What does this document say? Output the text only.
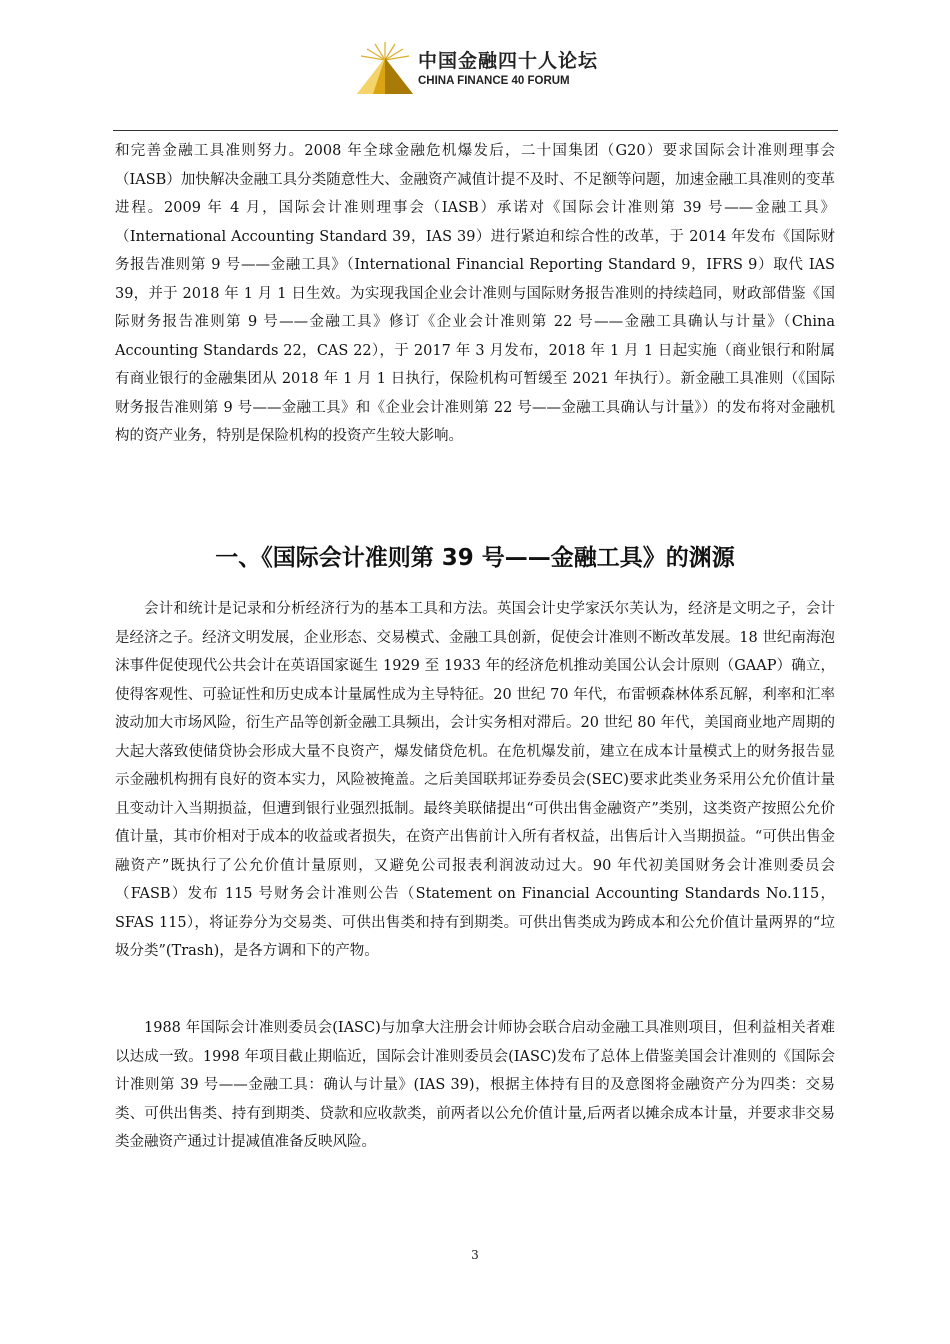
中国金融四十人论坛
CHINA FINANCE 40 FORUM
和完善金融工具准则努力。2008 年全球金融危机爆发后，二十国集团（G20）要求国际会计准则理事会（IASB）加快解决金融工具分类随意性大、金融资产减值计提不及时、不足额等问题，加速金融工具准则的变革进程。2009 年 4 月，国际会计准则理事会（IASB）承诺对《国际会计准则第 39 号——金融工具》（International Accounting Standard 39，IAS 39）进行紧迫和综合性的改革，于 2014 年发布《国际财务报告准则第 9 号——金融工具》（International Financial Reporting Standard 9，IFRS 9）取代 IAS 39，并于 2018 年 1 月 1 日生效。为实现我国企业会计准则与国际财务报告准则的持续趋同，财政部借鉴《国际财务报告准则第 9 号——金融工具》修订《企业会计准则第 22 号——金融工具确认与计量》（China Accounting Standards 22，CAS 22），于 2017 年 3 月发布，2018 年 1 月 1 日起实施（商业银行和附属有商业银行的金融集团从 2018 年 1 月 1 日执行，保险机构可暂缓至 2021 年执行）。新金融工具准则（《国际财务报告准则第 9 号——金融工具》和《企业会计准则第 22 号——金融工具确认与计量》）的发布将对金融机构的资产业务，特别是保险机构的投资产生较大影响。
一、《国际会计准则第 39 号——金融工具》的渊源
会计和统计是记录和分析经济行为的基本工具和方法。英国会计史学家沃尔芙认为，经济是文明之子，会计是经济之子。经济文明发展，企业形态、交易模式、金融工具创新，促使会计准则不断改革发展。18 世纪南海泡沫事件促使现代公共会计在英语国家诞生 1929 至 1933 年的经济危机推动美国公认会计原则（GAAP）确立，使得客观性、可验证性和历史成本计量属性成为主导特征。20 世纪 70 年代，布雷顿森林体系瓦解，利率和汇率波动加大市场风险，衍生产品等创新金融工具频出，会计实务相对滞后。20 世纪 80 年代，美国商业地产周期的大起大落致使储贷协会形成大量不良资产，爆发储贷危机。在危机爆发前，建立在成本计量模式上的财务报告显示金融机构拥有良好的资本实力，风险被掩盖。之后美国联邦证券委员会(SEC)要求此类业务采用公允价值计量且变动计入当期损益，但遭到银行业强烈抵制。最终美联储提出“可供出售金融资产”类别，这类资产按照公允价值计量，其市价相对于成本的收益或者损失，在资产出售前计入所有者权益，出售后计入当期损益。“可供出售金融资产”既执行了公允价值计量原则，又避免公司报表利润波动过大。90 年代初美国财务会计准则委员会（FASB）发布 115 号财务会计准则公告（Statement on Financial Accounting Standards No.115，SFAS 115），将证券分为交易类、可供出售类和持有到期类。可供出售类成为跨成本和公允价值计量两界的“垃圾分类”(Trash)，是各方调和下的产物。
1988 年国际会计准则委员会(IASC)与加拿大注册会计师协会联合启动金融工具准则项目，但利益相关者难以达成一致。1998 年项目截止期临近，国际会计准则委员会(IASC)发布了总体上借鉴美国会计准则的《国际会计准则第 39 号——金融工具：确认与计量》(IAS 39)，根据主体持有目的及意图将金融资产分为四类：交易类、可供出售类、持有到期类、贷款和应收款类，前两者以公允价值计量,后两者以摊余成本计量，并要求非交易类金融资产通过计提减值准备反映风险。
3
